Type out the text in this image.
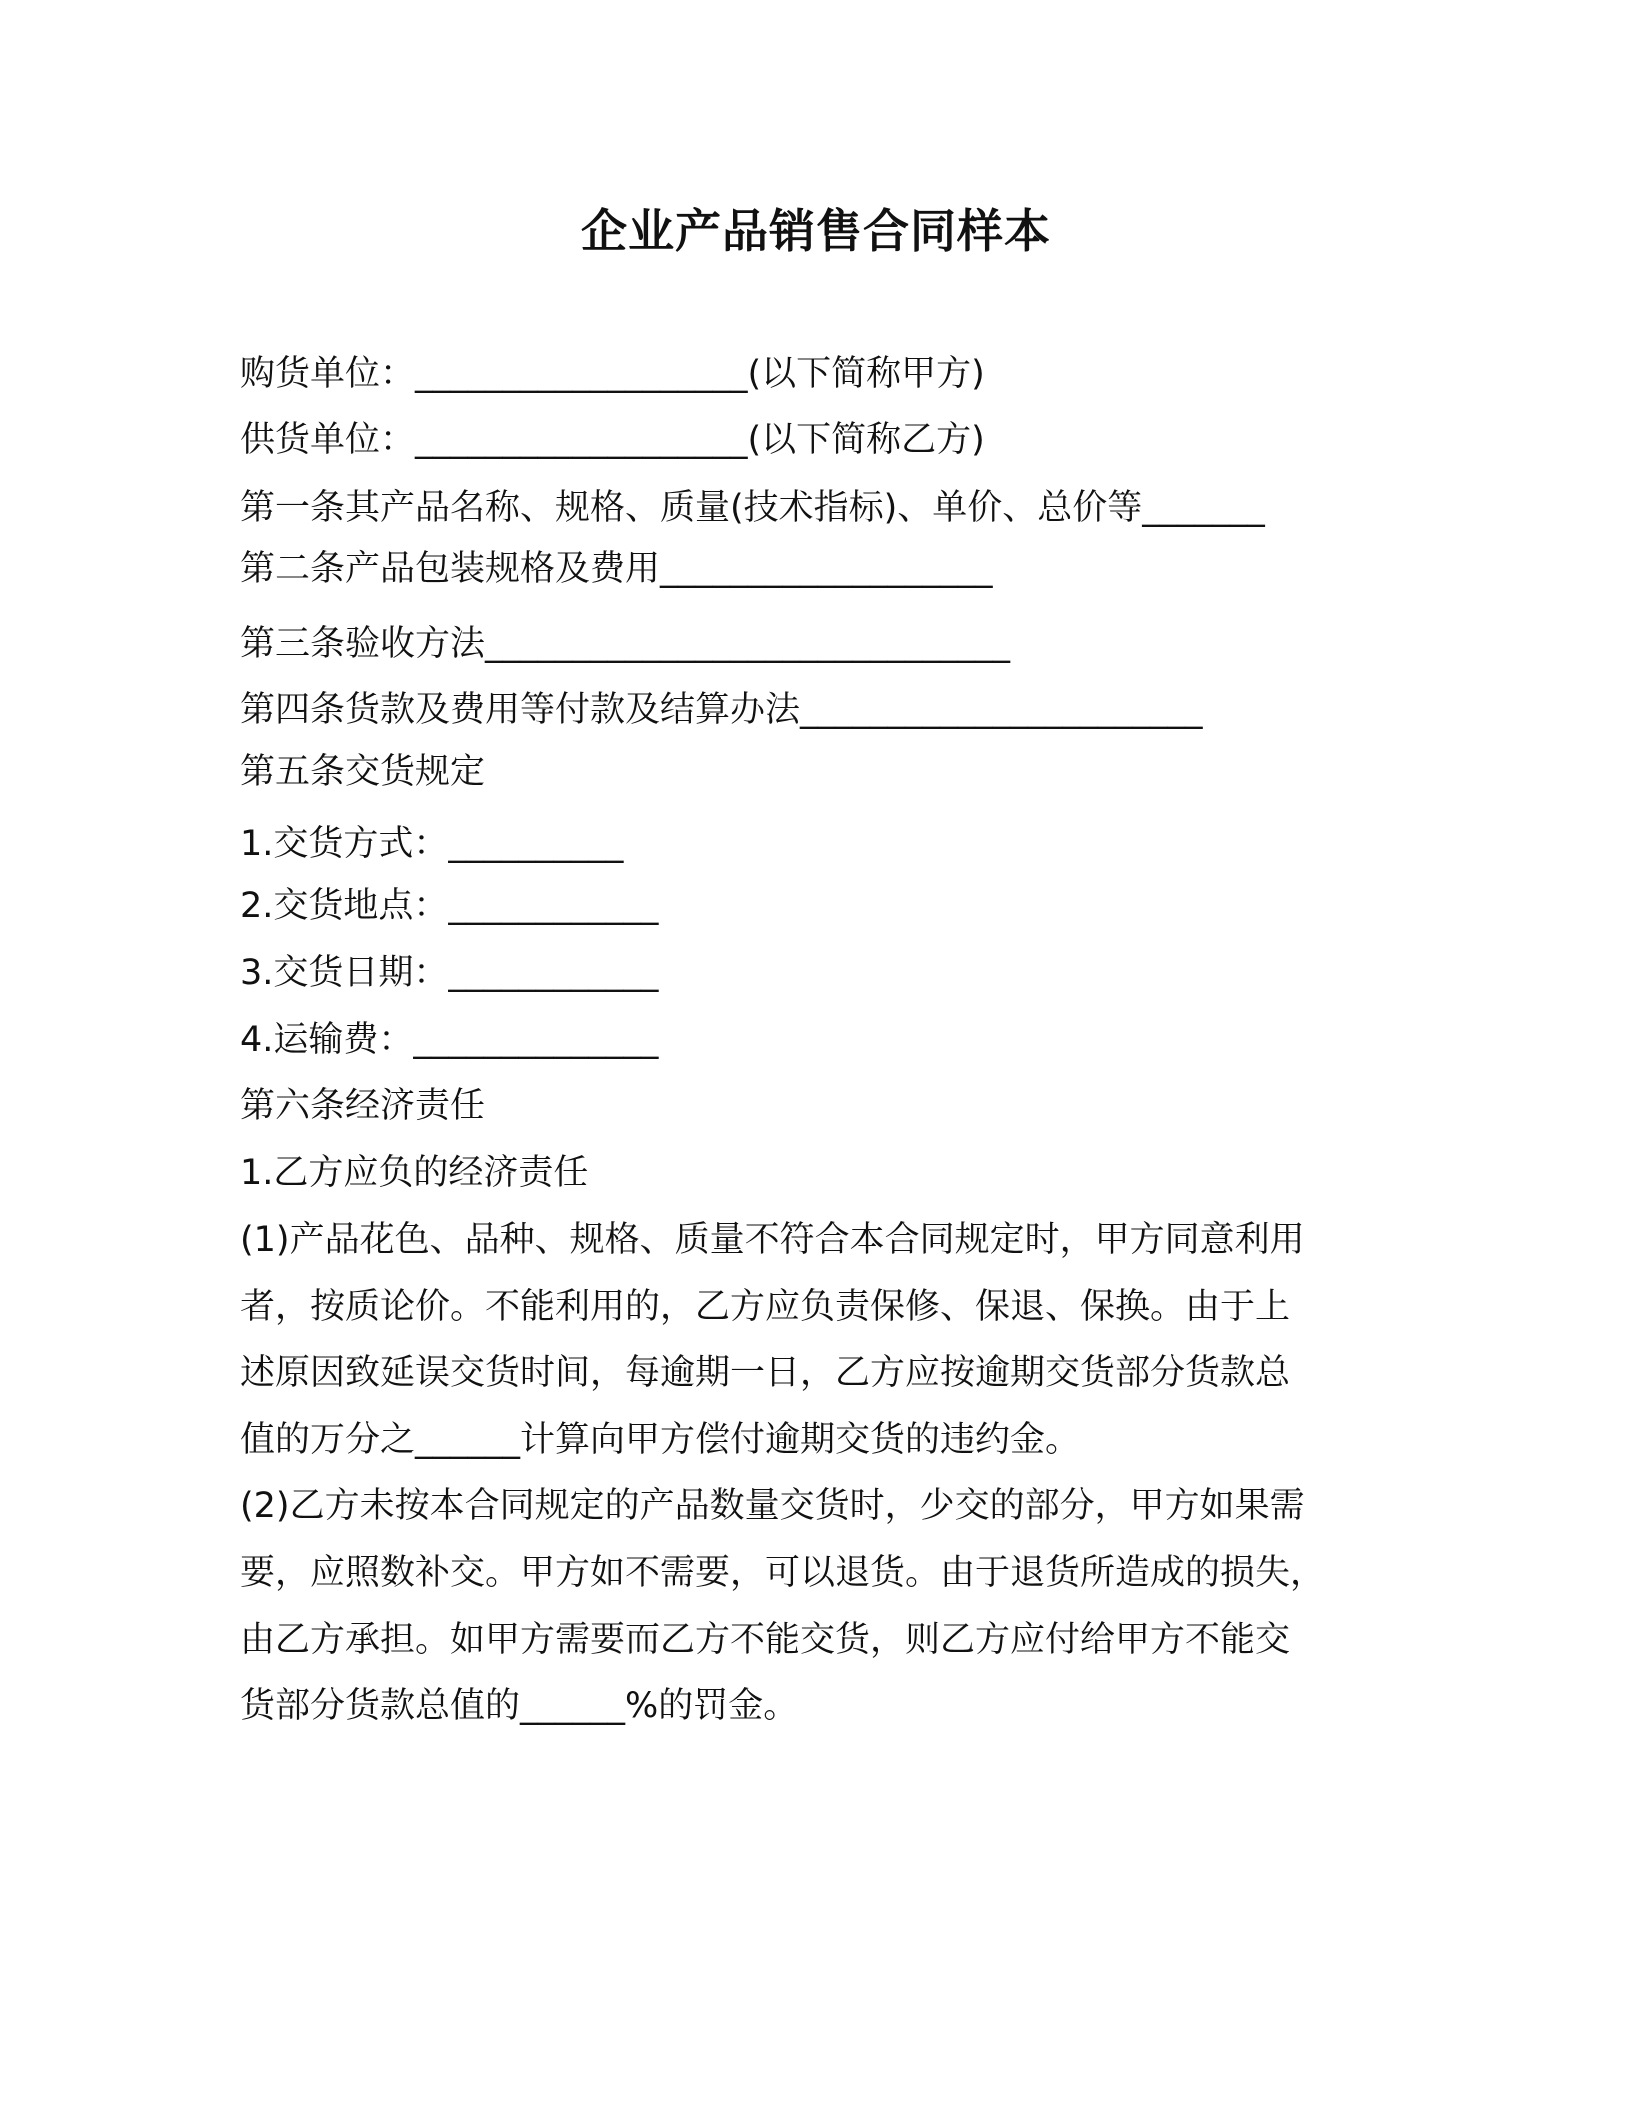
企业产品销售合同样本
购货单位：___________________(以下简称甲方)
供货单位：___________________(以下简称乙方)
第一条其产品名称、规格、质量(技术指标)、单价、总价等_______
第二条产品包装规格及费用___________________
第三条验收方法______________________________
第四条货款及费用等付款及结算办法_______________________
第五条交货规定
1.交货方式：__________
2.交货地点：____________
3.交货日期：____________
4.运输费：______________
第六条经济责任
1.乙方应负的经济责任
(1)产品花色、品种、规格、质量不符合本合同规定时，甲方同意利用
者，按质论价。不能利用的，乙方应负责保修、保退、保换。由于上
述原因致延误交货时间，每逾期一日，乙方应按逾期交货部分货款总
值的万分之______计算向甲方偿付逾期交货的违约金。
(2)乙方未按本合同规定的产品数量交货时，少交的部分，甲方如果需
要，应照数补交。甲方如不需要，可以退货。由于退货所造成的损失，
由乙方承担。如甲方需要而乙方不能交货，则乙方应付给甲方不能交
货部分货款总值的______%的罚金。
